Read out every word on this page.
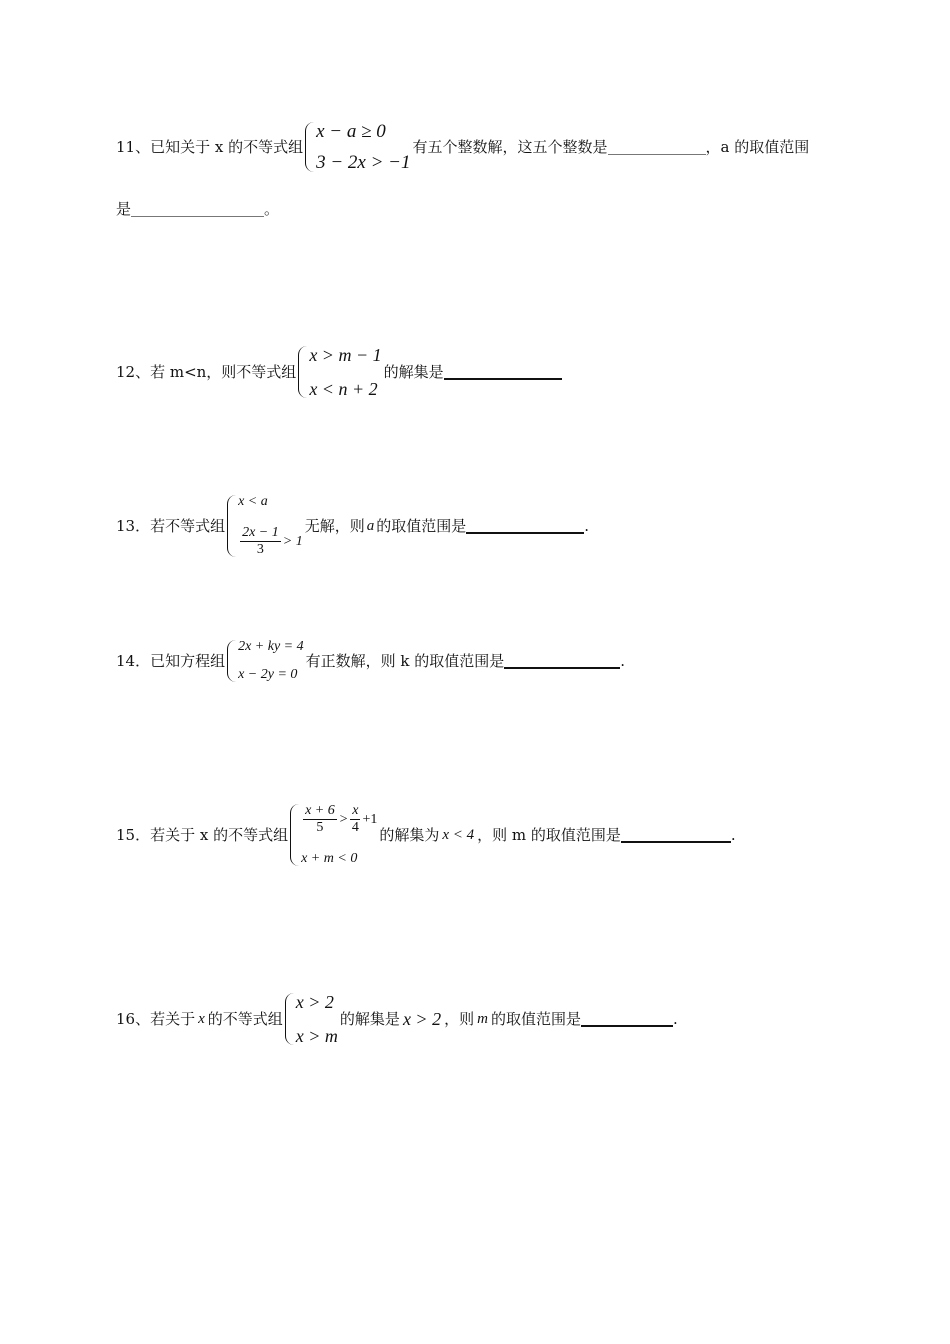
11、已知关于 x 的不等式组
x − a ≥ 0
3 − 2x > −1
有五个整数解，这五个整数是	，a 的取值范围
是	。
12、若 m<n，则不等式组
x > m − 1
x < n + 2
的解集是
13．若不等式组
x < a
$\frac{2x - 1}{3} > 1$
无解，则 a 的取值范围是	.
14．已知方程组
2x + ky = 4
x − 2y = 0
有正数解，则 k 的取值范围是	.
15．若关于 x 的不等式组 $\frac{x + 6}{5} > \frac{x}{4} +1$
x + m < 0
的解集为 x < 4 ，则 m 的取值范围是	.
16、若关于 x 的不等式组
x > 2
x > m
的解集是 x > 2 ，则 m 的取值范围是	.
